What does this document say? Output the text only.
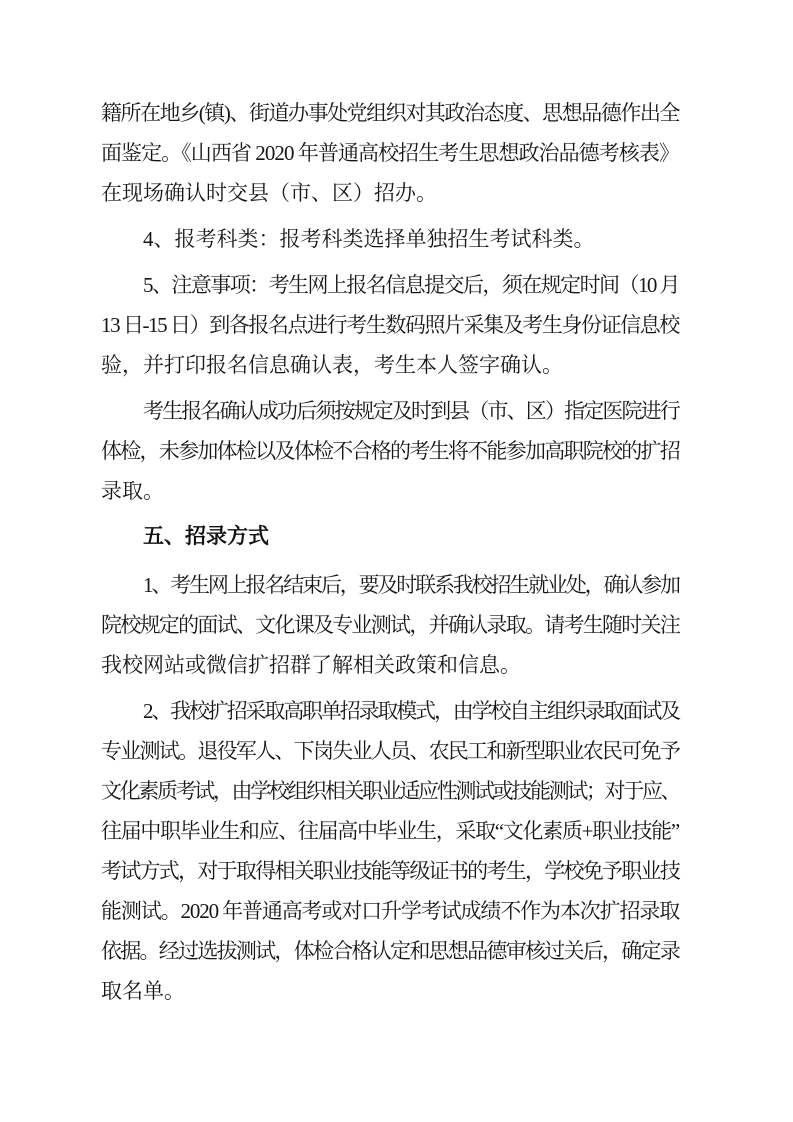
籍所在地乡(镇)、街道办事处党组织对其政治态度、思想品德作出全
面鉴定。《山西省 2020 年普通高校招生考生思想政治品德考核表》
在现场确认时交县（市、区）招办。
4、报考科类：报考科类选择单独招生考试科类。
5、注意事项：考生网上报名信息提交后，须在规定时间（10 月
13 日-15 日）到各报名点进行考生数码照片采集及考生身份证信息校
验，并打印报名信息确认表，考生本人签字确认。
考生报名确认成功后须按规定及时到县（市、区）指定医院进行
体检，未参加体检以及体检不合格的考生将不能参加高职院校的扩招
录取。
五、招录方式
1、考生网上报名结束后，要及时联系我校招生就业处，确认参加
院校规定的面试、文化课及专业测试，并确认录取。请考生随时关注
我校网站或微信扩招群了解相关政策和信息。
2、我校扩招采取高职单招录取模式，由学校自主组织录取面试及
专业测试。退役军人、下岗失业人员、农民工和新型职业农民可免予
文化素质考试，由学校组织相关职业适应性测试或技能测试；对于应、
往届中职毕业生和应、往届高中毕业生，采取“文化素质+职业技能”
考试方式，对于取得相关职业技能等级证书的考生，学校免予职业技
能测试。2020 年普通高考或对口升学考试成绩不作为本次扩招录取
依据。经过选拔测试，体检合格认定和思想品德审核过关后，确定录
取名单。
